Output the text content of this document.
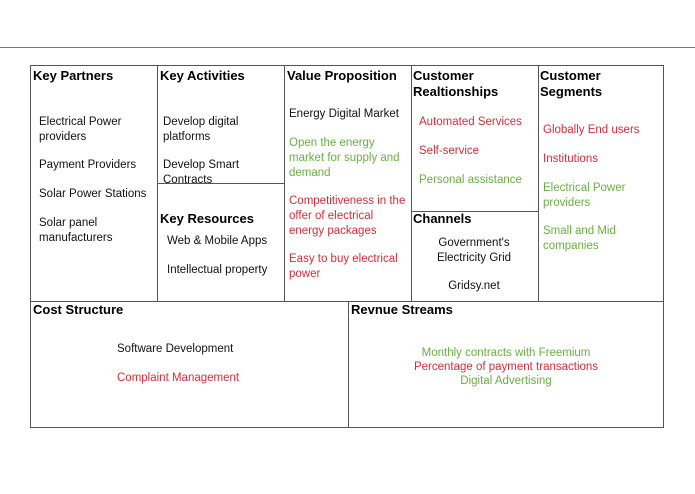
Key Partners
Electrical Power providers
Payment Providers
Solar Power Stations
Solar panel manufacturers
Key Activities
Develop digital platforms
Develop Smart Contracts
Key Resources
Web & Mobile Apps
Intellectual property
Value Proposition
Energy Digital Market
Open the energy market for supply and demand
Competitiveness in the offer of electrical energy packages
Easy to buy electrical power
Customer Realtionships
Automated Services
Self-service
Personal assistance
Channels
Government's Electricity Grid
Gridsy.net
Customer Segments
Globally End users
Institutions
Electrical Power providers
Small and Mid companies
Cost Structure
Software Development
Complaint Management
Revnue Streams
Monthly contracts with Freemium
Percentage of payment transactions
Digital Advertising
